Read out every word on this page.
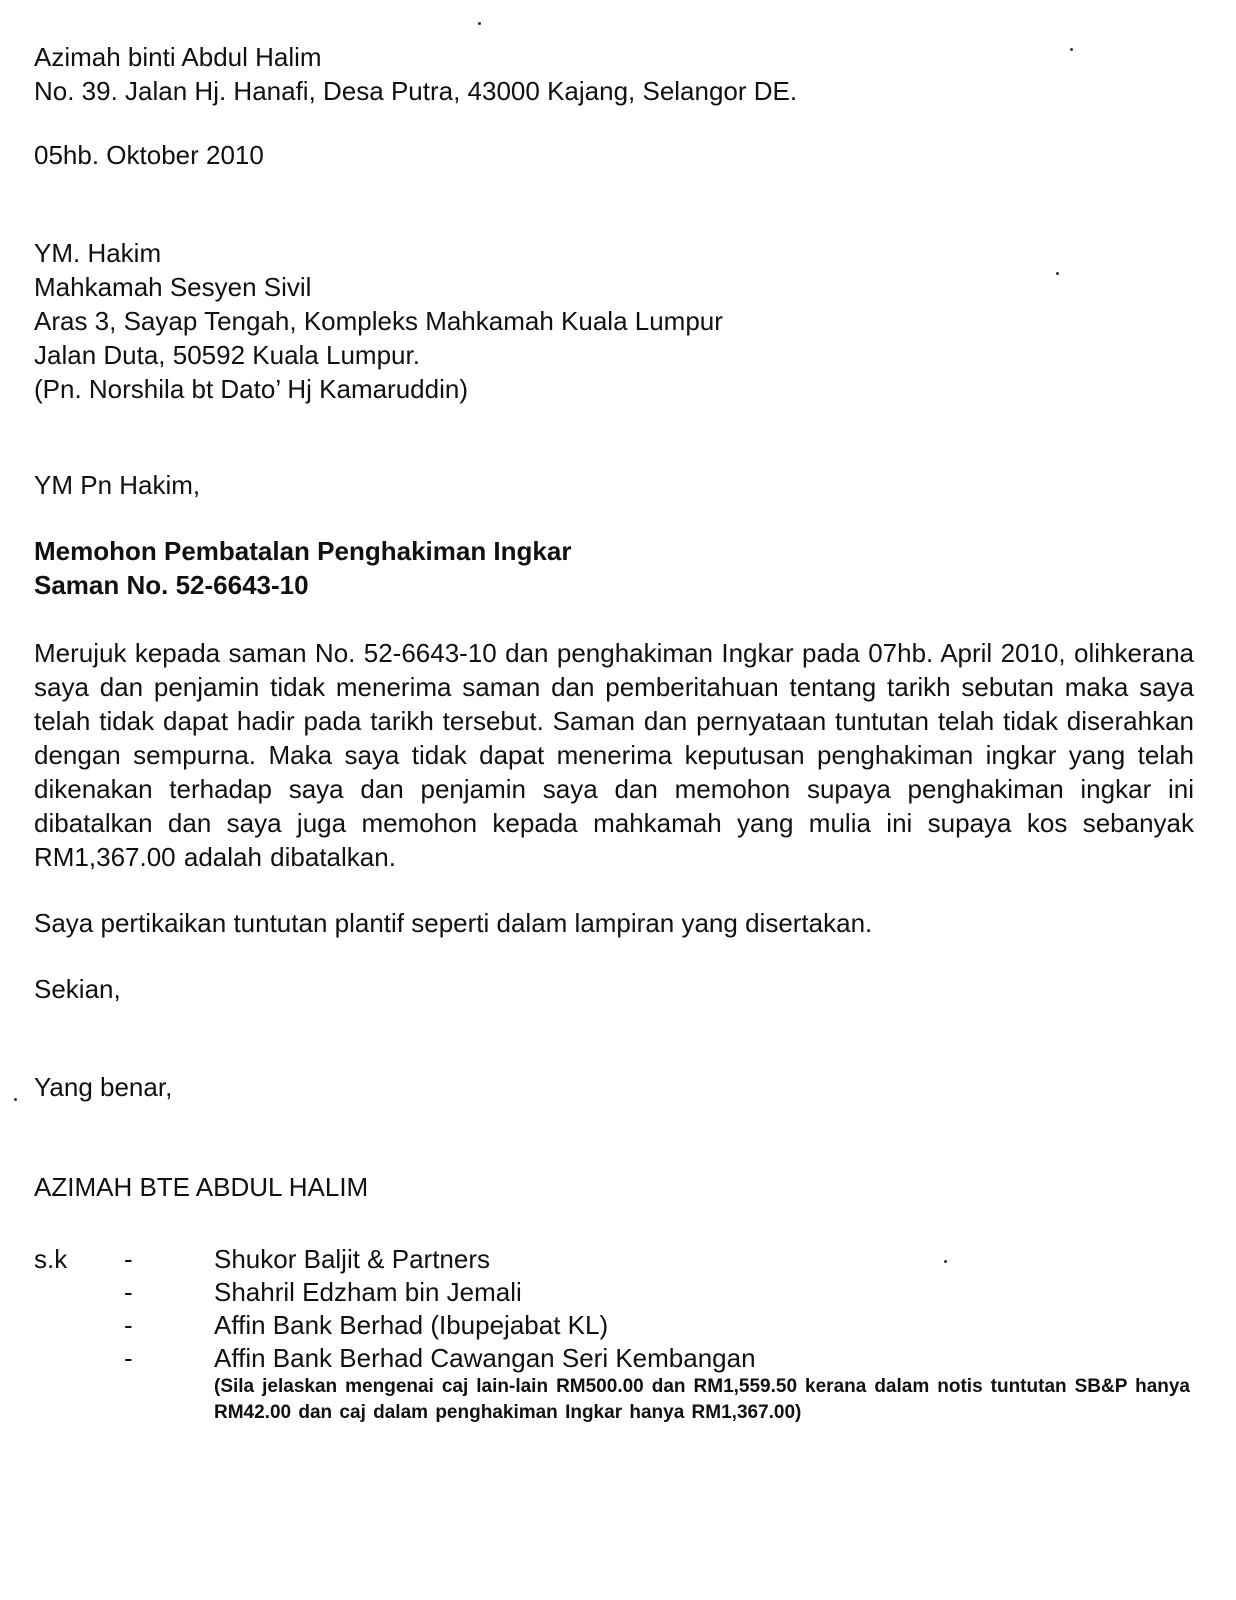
Azimah binti Abdul Halim
No. 39. Jalan Hj. Hanafi, Desa Putra, 43000 Kajang, Selangor DE.
05hb. Oktober 2010
YM. Hakim
Mahkamah Sesyen Sivil
Aras 3, Sayap Tengah, Kompleks Mahkamah Kuala Lumpur
Jalan Duta, 50592 Kuala Lumpur.
(Pn. Norshila bt Dato’ Hj Kamaruddin)
YM Pn Hakim,
Memohon Pembatalan Penghakiman Ingkar
Saman No. 52-6643-10
Merujuk kepada saman No. 52-6643-10 dan penghakiman Ingkar pada 07hb. April 2010, olihkerana saya dan penjamin tidak menerima saman dan pemberitahuan tentang tarikh sebutan maka saya telah tidak dapat hadir pada tarikh tersebut. Saman dan pernyataan tuntutan telah tidak diserahkan dengan sempurna. Maka saya tidak dapat menerima keputusan penghakiman ingkar yang telah dikenakan terhadap saya dan penjamin saya dan memohon supaya penghakiman ingkar ini dibatalkan dan saya juga memohon kepada mahkamah yang mulia ini supaya kos sebanyak RM1,367.00 adalah dibatalkan.
Saya pertikaikan tuntutan plantif seperti dalam lampiran yang disertakan.
Sekian,
Yang benar,
AZIMAH BTE ABDUL HALIM
s.k	-	Shukor Baljit & Partners
-	Shahril Edzham bin Jemali
-	Affin Bank Berhad (Ibupejabat KL)
-	Affin Bank Berhad Cawangan Seri Kembangan
(Sila jelaskan mengenai caj lain-lain RM500.00 dan RM1,559.50 kerana dalam notis tuntutan SB&P hanya RM42.00 dan caj dalam penghakiman Ingkar hanya RM1,367.00)
